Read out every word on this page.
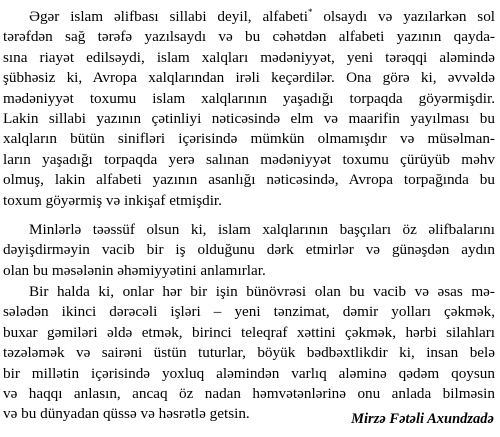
Əgər islam əlifbası sillabi deyil, alfabeti* olsaydı və yazılarkən sol
tərəfdən sağ tərəfə yazılsaydı və bu cəhətdən alfabeti yazının qayda-
sına riayət edilsəydi, islam xalqları mədəniyyət, yeni tərəqqi aləmində
şübhəsiz ki, Avropa xalqlarından irəli keçərdilər. Ona görə ki, əvvəldə
mədəniyyət toxumu islam xalqlarının yaşadığı torpaqda göyərmişdir.
Lakin sillabi yazının çətinliyi nəticəsində elm və maarifin yayılması bu
xalqların bütün sinifləri içərisində mümkün olmamışdır və müsəlman-
ların yaşadığı torpaqda yerə salınan mədəniyyət toxumu çürüyüb məhv
olmuş, lakin alfabeti yazının asanlığı nəticəsində, Avropa torpağında bu
toxum göyərmiş və inkişaf etmişdir.
Minlərlə təəssüf olsun ki, islam xalqlarının başçıları öz əlifbalarını
dəyişdirməyin vacib bir iş olduğunu dərk etmirlər və günəşdən aydın
olan bu məsələnin əhəmiyyətini anlamırlar.
Bir halda ki, onlar hər bir işin bünövrəsi olan bu vacib və əsas mə-
sələdən ikinci dərəcəli işləri – yeni tənzimat, dəmir yolları çəkmək,
buxar gəmiləri əldə etmək, birinci teleqraf xəttini çəkmək, hərbi silahları
təzələmək və sairəni üstün tuturlar, böyük bədbəxtlikdir ki, insan belə
bir millətin içərisində yoxluq aləmindən varlıq aləminə qədəm qoysun
və haqqı anlasın, ancaq öz nadan həmvətənlərinə onu anlada bilməsin
və bu dünyadan qüssə və həsrətlə getsin.	Mirzə Fətəli Axundzadə
